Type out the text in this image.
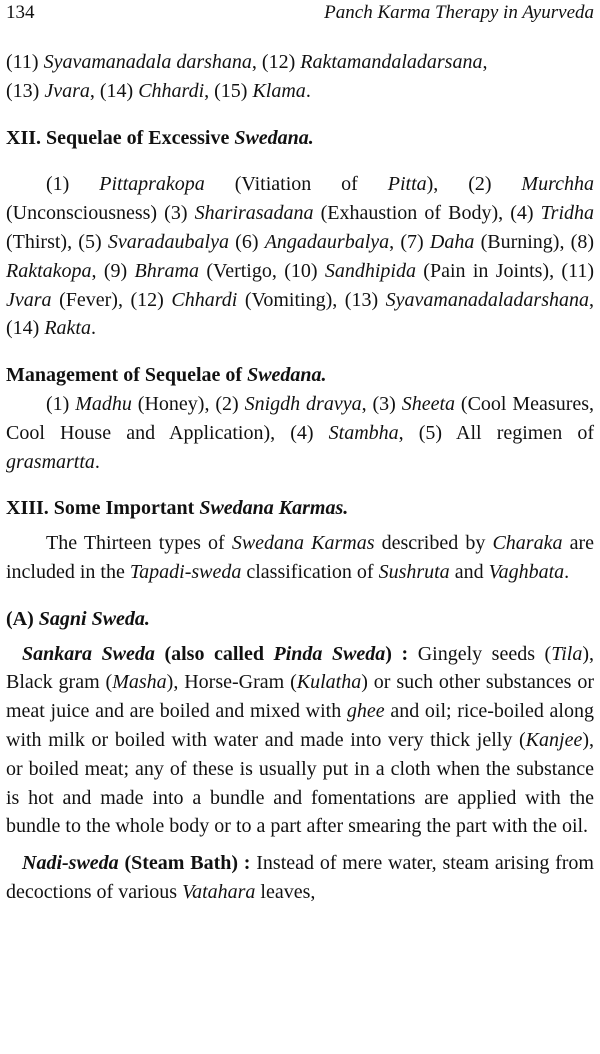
134	Panch Karma Therapy in Ayurveda

(11) Syavamanadala darshana, (12) Raktamandaladarsana,

(13) Jvara, (14) Chhardi, (15) Klama.

XII. Sequelae of Excessive Swedana.

(1) Pittaprakopa (Vitiation of Pitta), (2) Murchha (Unconsciousness) (3) Sharirasadana (Exhaustion of Body), (4) Tridha (Thirst), (5) Svaradaubalya (6) Angadaurbalya, (7) Daha (Burning), (8) Raktakopa, (9) Bhrama (Vertigo, (10) Sandhipida (Pain in Joints), (11) Jvara (Fever), (12) Chhardi (Vomiting), (13) Syavamanadaladarshana, (14) Rakta.

Management of Sequelae of Swedana.

(1) Madhu (Honey), (2) Snigdh dravya, (3) Sheeta (Cool Measures, Cool House and Application), (4) Stambha, (5) All regimen of grasmartta.

XIII. Some Important Swedana Karmas.

The Thirteen types of Swedana Karmas described by Charaka are included in the Tapadi-sweda classification of Sushruta and Vaghbata.

(A) Sagni Sweda.

Sankara Sweda (also called Pinda Sweda) : Gingely seeds (Tila), Black gram (Masha), Horse-Gram (Kulatha) or such other substances or meat juice and are boiled and mixed with ghee and oil; rice-boiled along with milk or boiled with water and made into very thick jelly (Kanjee), or boiled meat; any of these is usually put in a cloth when the substance is hot and made into a bundle and fomentations are applied with the bundle to the whole body or to a part after smearing the part with the oil.

Nadi-sweda (Steam Bath) : Instead of mere water, steam arising from decoctions of various Vatahara leaves,
